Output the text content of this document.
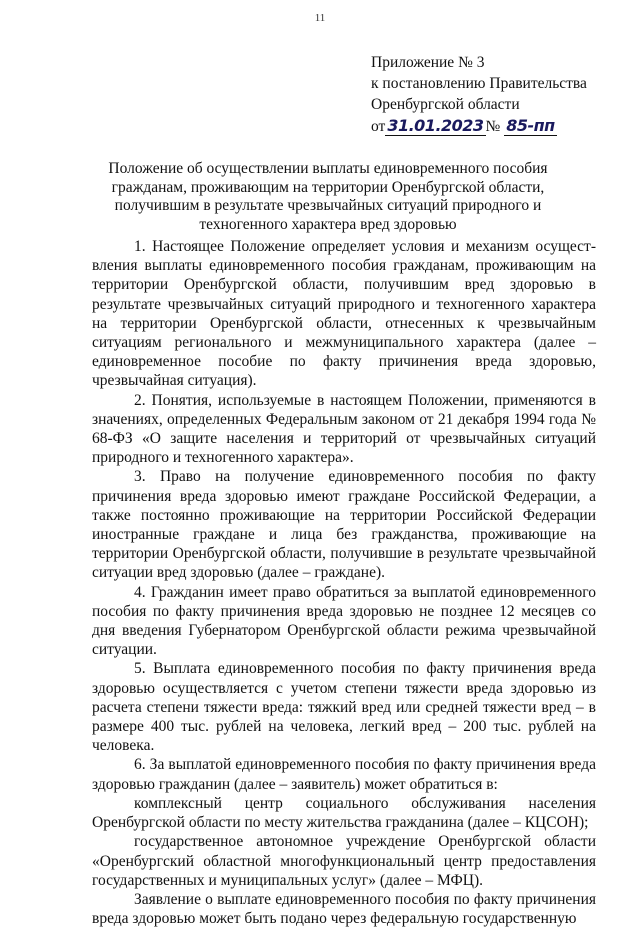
11
Приложение № 3
к постановлению Правительства
Оренбургской области
от 31.01.2023 № 85-пп

Положение об осуществлении выплаты единовременного пособия

гражданам, проживающим на территории Оренбургской области,

получившим в результате чрезвычайных ситуаций природного и

техногенного характера вред здоровью

1. Настоящее Положение определяет условия и механизм осуществления выплаты единовременного пособия гражданам, проживающим на территории Оренбургской области, получившим вред здоровью в результате чрезвычайных ситуаций природного и техногенного характера на территории Оренбургской области, отнесенных к чрезвычайным ситуациям регионального и межмуниципального характера (далее – единовременное пособие по факту причинения вреда здоровью, чрезвычайная ситуация).

2. Понятия, используемые в настоящем Положении, применяются в значениях, определенных Федеральным законом от 21 декабря 1994 года № 68-ФЗ «О защите населения и территорий от чрезвычайных ситуаций природного и техногенного характера».

3. Право на получение единовременного пособия по факту причинения вреда здоровью имеют граждане Российской Федерации, а также постоянно проживающие на территории Российской Федерации иностранные граждане и лица без гражданства, проживающие на территории Оренбургской области, получившие в результате чрезвычайной ситуации вред здоровью (далее – граждане).

4. Гражданин имеет право обратиться за выплатой единовременного пособия по факту причинения вреда здоровью не позднее 12 месяцев со дня введения Губернатором Оренбургской области режима чрезвычайной ситуации.

5. Выплата единовременного пособия по факту причинения вреда здоровью осуществляется с учетом степени тяжести вреда здоровью из расчета степени тяжести вреда: тяжкий вред или средней тяжести вред – в размере 400 тыс. рублей на человека, легкий вред – 200 тыс. рублей на человека.

6. За выплатой единовременного пособия по факту причинения вреда здоровью гражданин (далее – заявитель) может обратиться в:

комплексный центр социального обслуживания населения Оренбургской области по месту жительства гражданина (далее – КЦСОН);

государственное автономное учреждение Оренбургской области «Оренбургский областной многофункциональный центр предоставления государственных и муниципальных услуг» (далее – МФЦ).

Заявление о выплате единовременного пособия по факту причинения вреда здоровью может быть подано через федеральную государственную
